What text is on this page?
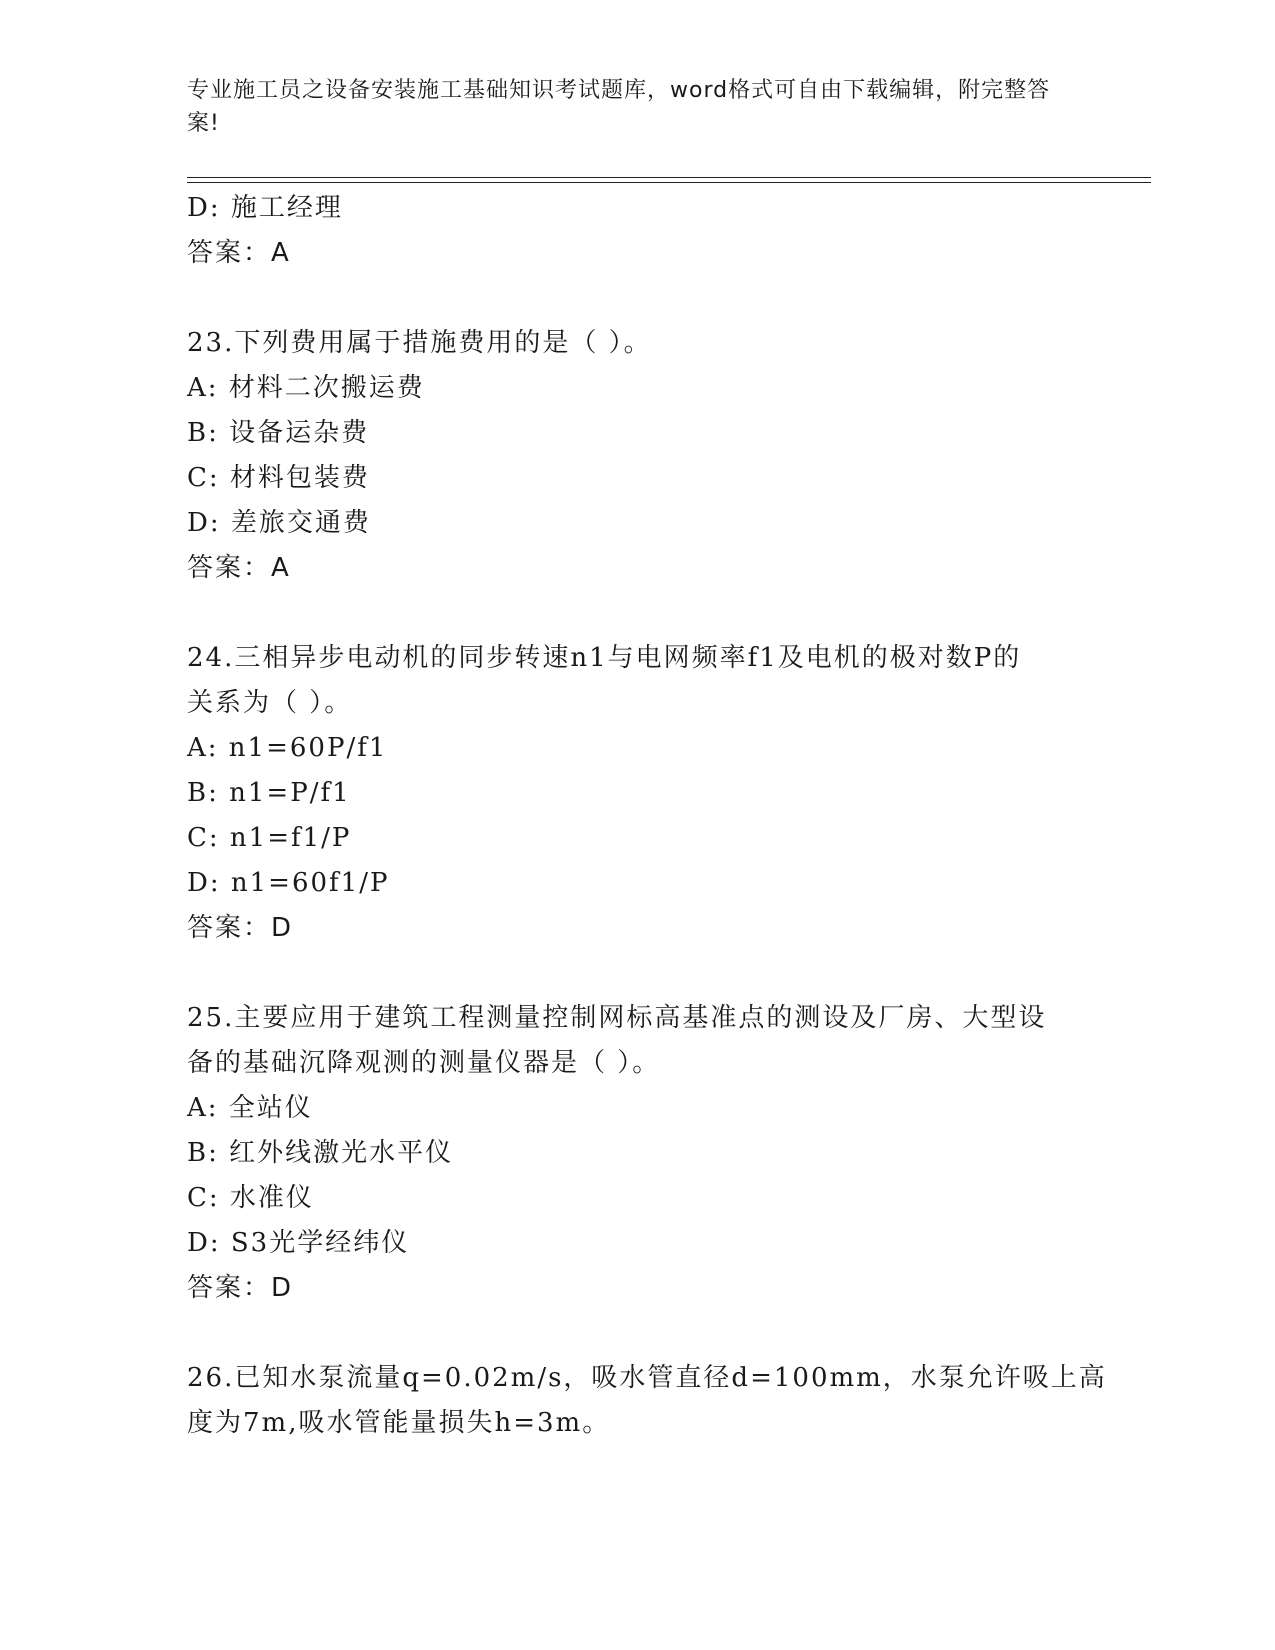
专业施工员之设备安装施工基础知识考试题库，word格式可自由下载编辑，附完整答案!
D: 施工经理
答案：A
23.下列费用属于措施费用的是（ ）。
A: 材料二次搬运费
B: 设备运杂费
C: 材料包装费
D: 差旅交通费
答案：A
24.三相异步电动机的同步转速n1与电网频率f1及电机的极对数P的
关系为（ ）。
A: n1=60P/f1
B: n1=P/f1
C: n1=f1/P
D: n1=60f1/P
答案：D
25.主要应用于建筑工程测量控制网标高基准点的测设及厂房、大型设
备的基础沉降观测的测量仪器是（ ）。
A: 全站仪
B: 红外线激光水平仪
C: 水准仪
D: S3光学经纬仪
答案：D
26.已知水泵流量q=0.02m/s，吸水管直径d=100mm，水泵允许吸上高
度为7m,吸水管能量损失h=3m。
